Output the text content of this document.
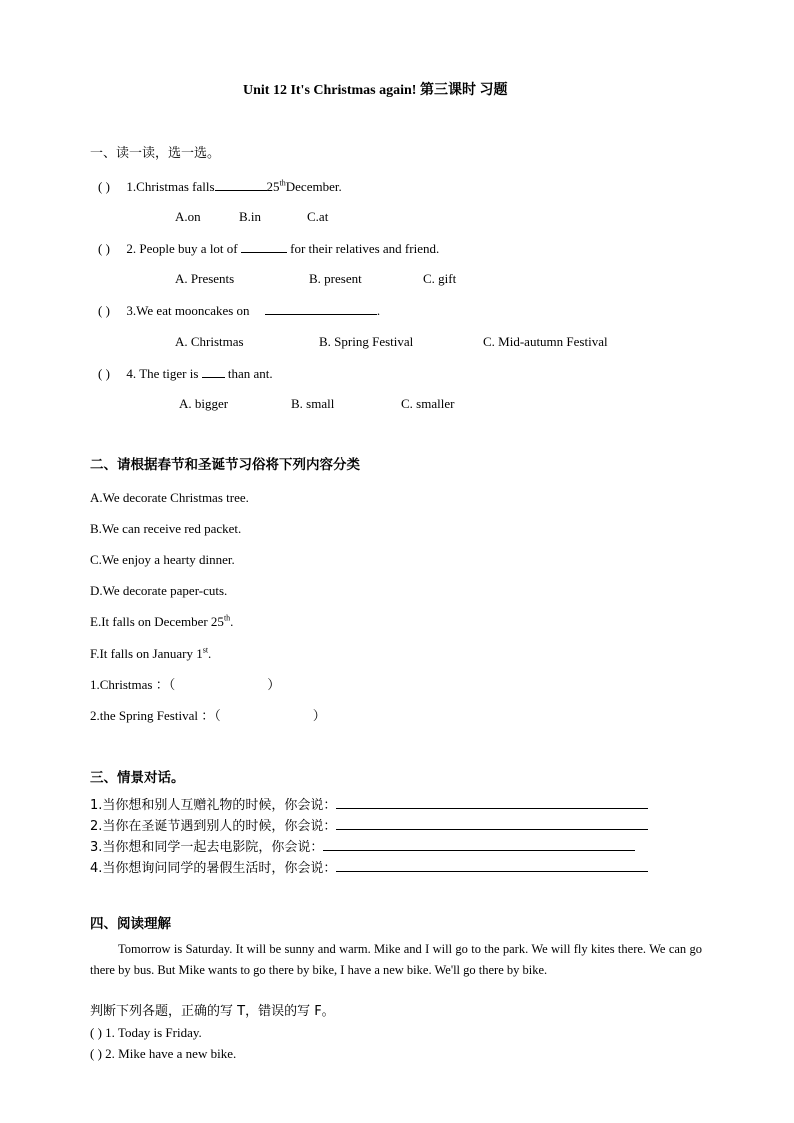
Unit 12 It's Christmas again! 第三课时 习题
一、读一读，选一选。
( ) 1.Christmas falls	25thDecember.
A.on	B.in	C.at
( ) 2. People buy a lot of	for their relatives and friend.
A. Presents	B. present	C. gift
( ) 3.We eat mooncakes on	.
A. Christmas	B. Spring Festival	C. Mid-autumn Festival
( ) 4. The tiger is than ant.
A. bigger	B. small	C. smaller
二、请根据春节和圣诞节习俗将下列内容分类
A.We decorate Christmas tree.
B.We can receive red packet.
C.We enjoy a hearty dinner.
D.We decorate paper-cuts.
E.It falls on December 25th.
F.It falls on January 1st.
1.Christmas ：（	）
2.the Spring Festival ：（	）
三、情景对话。
1.当你想和别人互赠礼物的时候，你会说：
2.当你在圣诞节遇到别人的时候，你会说：
3.当你想和同学一起去电影院，你会说：
4.当你想询问同学的暑假生活时，你会说：
四、阅读理解
Tomorrow is Saturday. It will be sunny and warm. Mike and I will go to the park. We will fly kites there. We can go there by bus. But Mike wants to go there by bike, I have a new bike. We'll go there by bike.
判断下列各题，正确的写 T，错误的写 F。
( ) 1. Today is Friday.
( ) 2. Mike have a new bike.
